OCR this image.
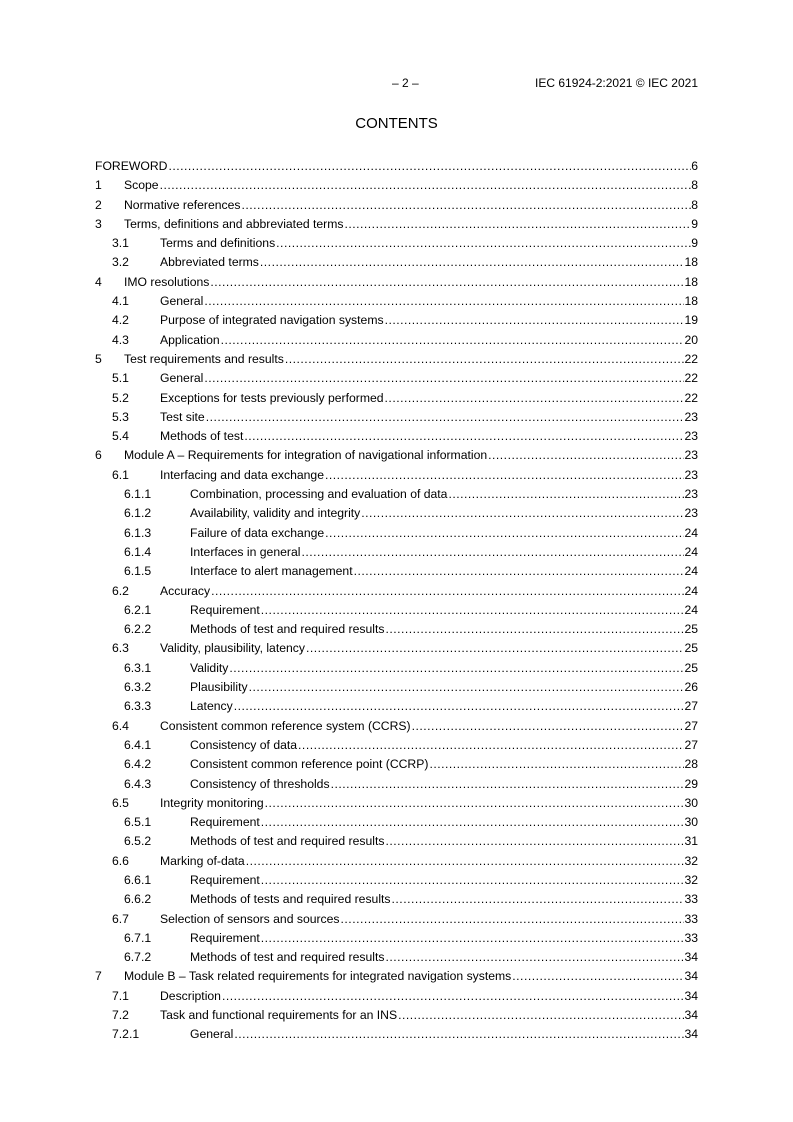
– 2 –	IEC 61924-2:2021 © IEC 2021
CONTENTS
FOREWORD .....	6
1 Scope .....	8
2 Normative references .....	8
3 Terms, definitions and abbreviated terms .....	9
3.1	Terms and definitions .....	9
3.2	Abbreviated terms .....	18
4 IMO resolutions .....	18
4.1	General .....	18
4.2	Purpose of integrated navigation systems .....	19
4.3	Application .....	20
5 Test requirements and results .....	22
5.1	General .....	22
5.2	Exceptions for tests previously performed .....	22
5.3	Test site .....	23
5.4	Methods of test .....	23
6 Module A – Requirements for integration of navigational information .....	23
6.1	Interfacing and data exchange .....	23
6.1.1	Combination, processing and evaluation of data .....	23
6.1.2	Availability, validity and integrity .....	23
6.1.3	Failure of data exchange .....	24
6.1.4	Interfaces in general .....	24
6.1.5	Interface to alert management .....	24
6.2	Accuracy .....	24
6.2.1	Requirement .....	24
6.2.2	Methods of test and required results .....	25
6.3	Validity, plausibility, latency .....	25
6.3.1	Validity .....	25
6.3.2	Plausibility .....	26
6.3.3	Latency .....	27
6.4	Consistent common reference system (CCRS) .....	27
6.4.1	Consistency of data .....	27
6.4.2	Consistent common reference point (CCRP) .....	28
6.4.3	Consistency of thresholds .....	29
6.5	Integrity monitoring .....	30
6.5.1	Requirement .....	30
6.5.2	Methods of test and required results .....	31
6.6	Marking of-data .....	32
6.6.1	Requirement .....	32
6.6.2	Methods of tests and required results .....	33
6.7	Selection of sensors and sources .....	33
6.7.1	Requirement .....	33
6.7.2	Methods of test and required results .....	34
7 Module B – Task related requirements for integrated navigation systems .....	34
7.1	Description .....	34
7.2	Task and functional requirements for an INS .....	34
7.2.1	General .....	34
